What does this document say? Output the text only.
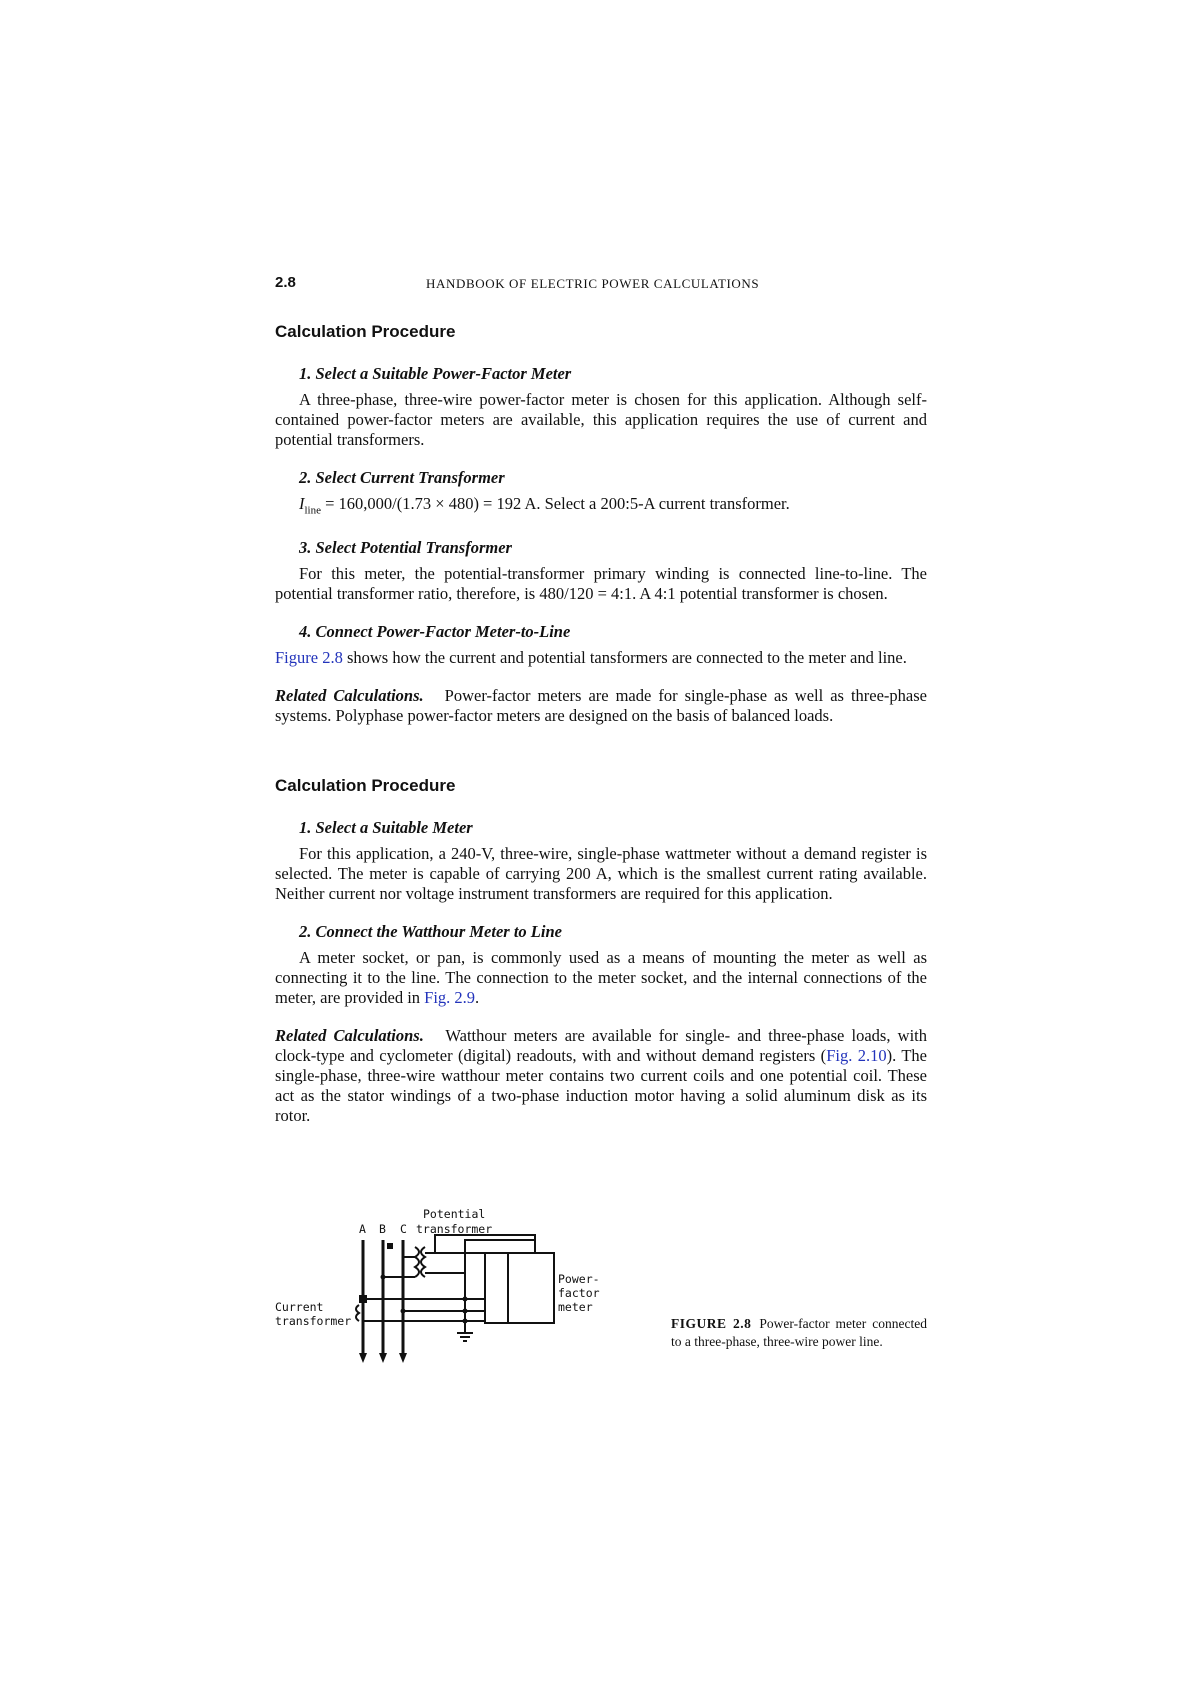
2.8	HANDBOOK OF ELECTRIC POWER CALCULATIONS
Calculation Procedure
1. Select a Suitable Power-Factor Meter

A three-phase, three-wire power-factor meter is chosen for this application. Although self-contained power-factor meters are available, this application requires the use of current and potential transformers.

2. Select Current Transformer

$I_{line} = 160,000/(1.73 \times 480) = 192$ A. Select a 200:5-A current transformer.

3. Select Potential Transformer

For this meter, the potential-transformer primary winding is connected line-to-line. The potential transformer ratio, therefore, is 480/120 = 4:1. A 4:1 potential transformer is chosen.

4. Connect Power-Factor Meter-to-Line

Figure 2.8 shows how the current and potential tansformers are connected to the meter and line.

Related Calculations. Power-factor meters are made for single-phase as well as three-phase systems. Polyphase power-factor meters are designed on the basis of balanced loads.

Calculation Procedure
1. Select a Suitable Meter

For this application, a 240-V, three-wire, single-phase wattmeter without a demand register is selected. The meter is capable of carrying 200 A, which is the smallest current rating available. Neither current nor voltage instrument transformers are required for this application.

2. Connect the Watthour Meter to Line

A meter socket, or pan, is commonly used as a means of mounting the meter as well as connecting it to the line. The connection to the meter socket, and the internal connections of the meter, are provided in Fig. 2.9.

Related Calculations. Watthour meters are available for single- and three-phase loads, with clock-type and cyclometer (digital) readouts, with and without demand registers (Fig. 2.10). The single-phase, three-wire watthour meter contains two current coils and one potential coil. These act as the stator windings of a two-phase induction motor having a solid aluminum disk as its rotor.

A B C
Potential
transformer
Current
transformer
Power-
factor
meter
FIGURE 2.8 Power-factor meter connected to a three-phase, three-wire power line.
